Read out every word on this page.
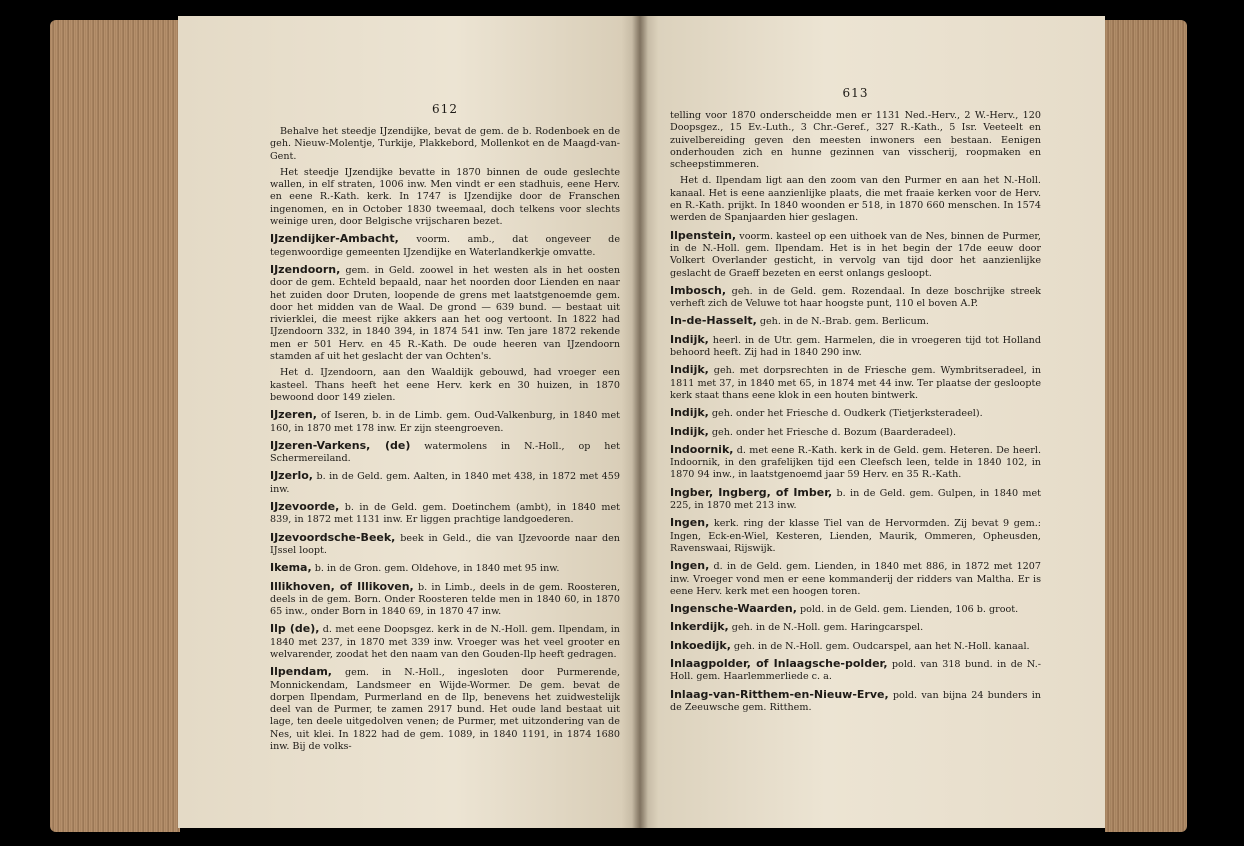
612

Behalve het steedje IJzendijke, bevat de gem. de b. Rodenboek en de geh. Nieuw-Molentje, Turkije, Plakkebord, Mollenkot en de Maagd-van-Gent.

Het steedje IJzendijke bevatte in 1870 binnen de oude geslechte wallen, in elf straten, 1006 inw. Men vindt er een stadhuis, eene Herv. en eene R.-Kath. kerk. In 1747 is IJzendijke door de Franschen ingenomen, en in October 1830 tweemaal, doch telkens voor slechts weinige uren, door Belgische vrijscharen bezet.

IJzendijker-Ambacht, voorm. amb., dat ongeveer de tegenwoordige gemeenten IJzendijke en Waterlandkerkje omvatte.

IJzendoorn, gem. in Geld. zoowel in het westen als in het oosten door de gem. Echteld bepaald, naar het noorden door Lienden en naar het zuiden door Druten, loopende de grens met laatstgenoemde gem. door het midden van de Waal. De grond — 639 bund. — bestaat uit rivierklei, die meest rijke akkers aan het oog vertoont. In 1822 had IJzendoorn 332, in 1840 394, in 1874 541 inw. Ten jare 1872 rekende men er 501 Herv. en 45 R.-Kath. De oude heeren van IJzendoorn stamden af uit het geslacht der van Ochten's.

Het d. IJzendoorn, aan den Waaldijk gebouwd, had vroeger een kasteel. Thans heeft het eene Herv. kerk en 30 huizen, in 1870 bewoond door 149 zielen.

IJzeren, of Iseren, b. in de Limb. gem. Oud-Valkenburg, in 1840 met 160, in 1870 met 178 inw. Er zijn steengroeven.

IJzeren-Varkens, (de) watermolens in N.-Holl., op het Schermereiland.

IJzerlo, b. in de Geld. gem. Aalten, in 1840 met 438, in 1872 met 459 inw.

IJzevoorde, b. in de Geld. gem. Doetinchem (ambt), in 1840 met 839, in 1872 met 1131 inw. Er liggen prachtige landgoederen.

IJzevoordsche-Beek, beek in Geld., die van IJzevoorde naar den IJssel loopt.

Ikema, b. in de Gron. gem. Oldehove, in 1840 met 95 inw.

Illikhoven, of Illikoven, b. in Limb., deels in de gem. Roosteren, deels in de gem. Born. Onder Roosteren telde men in 1840 60, in 1870 65 inw., onder Born in 1840 69, in 1870 47 inw.

Ilp (de), d. met eene Doopsgez. kerk in de N.-Holl. gem. Ilpendam, in 1840 met 237, in 1870 met 339 inw. Vroeger was het veel grooter en welvarender, zoodat het den naam van den Gouden-Ilp heeft gedragen.

Ilpendam, gem. in N.-Holl., ingesloten door Purmerende, Monnickendam, Landsmeer en Wijde-Wormer. De gem. bevat de dorpen Ilpendam, Purmerland en de Ilp, benevens het zuidwestelijk deel van de Purmer, te zamen 2917 bund. Het oude land bestaat uit lage, ten deele uitgedolven venen; de Purmer, met uitzondering van de Nes, uit klei. In 1822 had de gem. 1089, in 1840 1191, in 1874 1680 inw. Bij de volks-

613

telling voor 1870 onderscheidde men er 1131 Ned.-Herv., 2 W.-Herv., 120 Doopsgez., 15 Ev.-Luth., 3 Chr.-Geref., 327 R.-Kath., 5 Isr. Veeteelt en zuivelbereiding geven den meesten inwoners een bestaan. Eenigen onderhouden zich en hunne gezinnen van visscherij, roopmaken en scheepstimmeren.

Het d. Ilpendam ligt aan den zoom van den Purmer en aan het N.-Holl. kanaal. Het is eene aanzienlijke plaats, die met fraaie kerken voor de Herv. en R.-Kath. prijkt. In 1840 woonden er 518, in 1870 660 menschen. In 1574 werden de Spanjaarden hier geslagen.

Ilpenstein, voorm. kasteel op een uithoek van de Nes, binnen de Purmer, in de N.-Holl. gem. Ilpendam. Het is in het begin der 17de eeuw door Volkert Overlander gesticht, in vervolg van tijd door het aanzienlijke geslacht de Graeff bezeten en eerst onlangs gesloopt.

Imbosch, geh. in de Geld. gem. Rozendaal. In deze boschrijke streek verheft zich de Veluwe tot haar hoogste punt, 110 el boven A.P.

In-de-Hasselt, geh. in de N.-Brab. gem. Berlicum.

Indijk, heerl. in de Utr. gem. Harmelen, die in vroegeren tijd tot Holland behoord heeft. Zij had in 1840 290 inw.

Indijk, geh. met dorpsrechten in de Friesche gem. Wymbritseradeel, in 1811 met 37, in 1840 met 65, in 1874 met 44 inw. Ter plaatse der gesloopte kerk staat thans eene klok in een houten bintwerk.

Indijk, geh. onder het Friesche d. Oudkerk (Tietjerksteradeel).

Indijk, geh. onder het Friesche d. Bozum (Baarderadeel).

Indoornik, d. met eene R.-Kath. kerk in de Geld. gem. Heteren. De heerl. Indoornik, in den grafelijken tijd een Cleefsch leen, telde in 1840 102, in 1870 94 inw., in laatstgenoemd jaar 59 Herv. en 35 R.-Kath.

Ingber, Ingberg, of Imber, b. in de Geld. gem. Gulpen, in 1840 met 225, in 1870 met 213 inw.

Ingen, kerk. ring der klasse Tiel van de Hervormden. Zij bevat 9 gem.: Ingen, Eck-en-Wiel, Kesteren, Lienden, Maurik, Ommeren, Opheusden, Ravenswaai, Rijswijk.

Ingen, d. in de Geld. gem. Lienden, in 1840 met 886, in 1872 met 1207 inw. Vroeger vond men er eene kommanderij der ridders van Maltha. Er is eene Herv. kerk met een hoogen toren.

Ingensche-Waarden, pold. in de Geld. gem. Lienden, 106 b. groot.

Inkerdijk, geh. in de N.-Holl. gem. Haringcarspel.

Inkoedijk, geh. in de N.-Holl. gem. Oudcarspel, aan het N.-Holl. kanaal.

Inlaagpolder, of Inlaagsche-polder, pold. van 318 bund. in de N.-Holl. gem. Haarlemmerliede c. a.

Inlaag-van-Ritthem-en-Nieuw-Erve, pold. van bijna 24 bunders in de Zeeuwsche gem. Ritthem.
